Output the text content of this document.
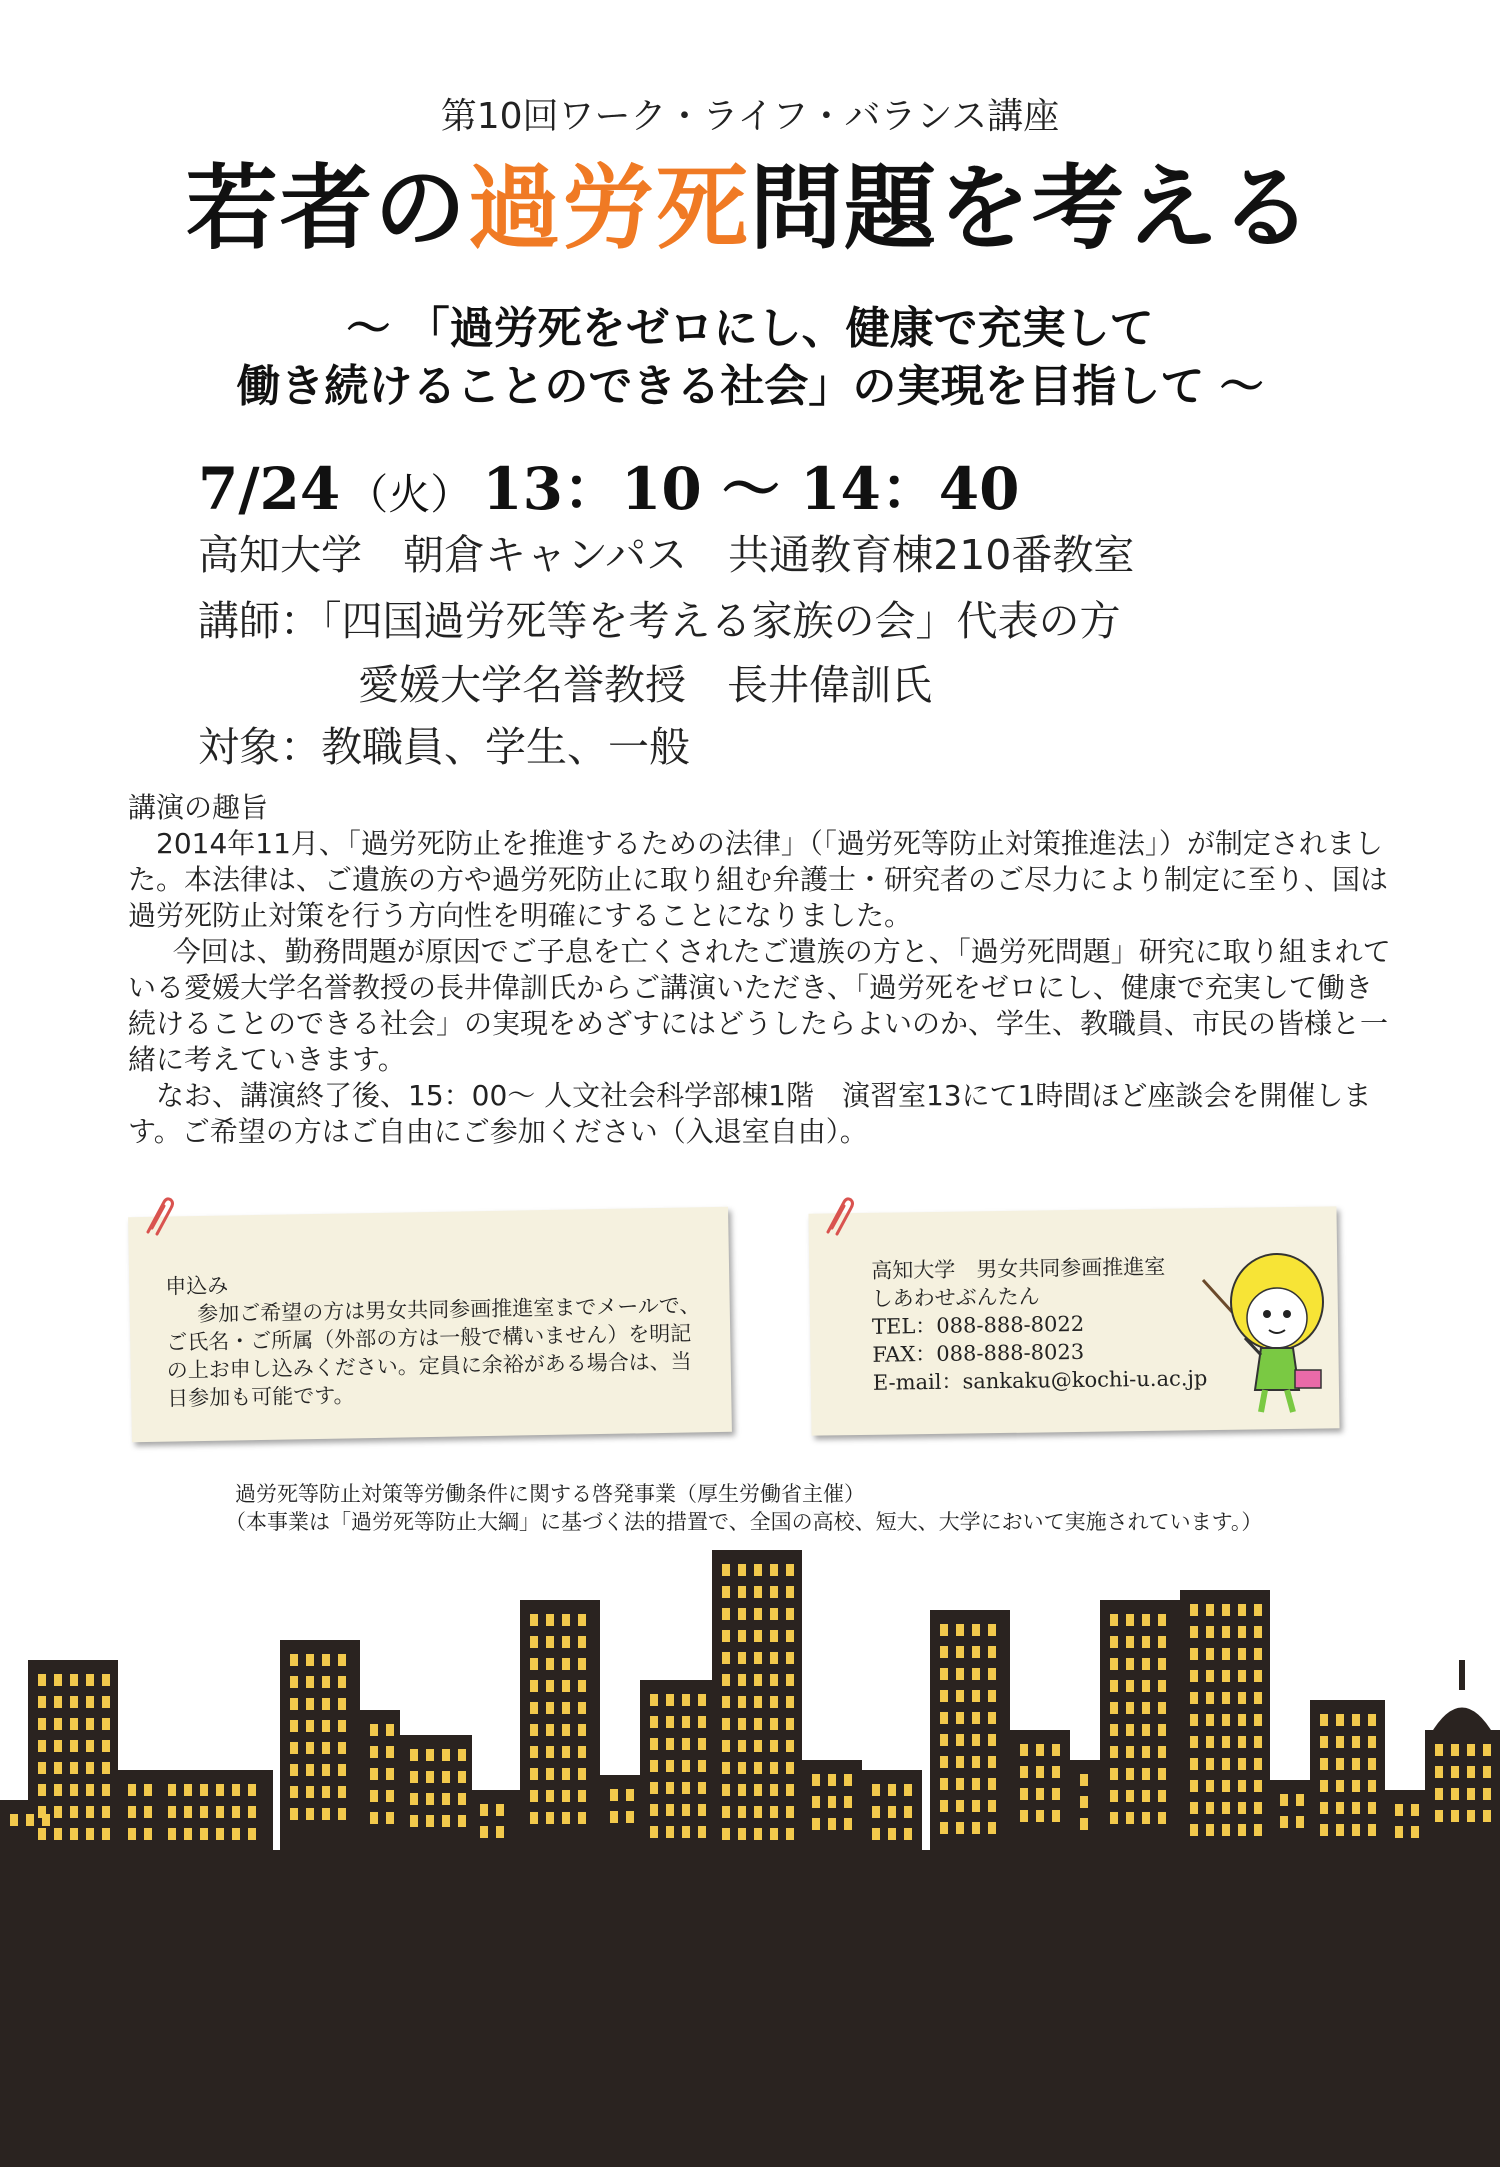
第10回ワーク・ライフ・バランス講座
若者の過労死問題を考える
～ 「過労死をゼロにし、健康で充実して
働き続けることのできる社会」の実現を目指して ～
7/24 （火） 13：10 ～ 14：40
高知大学　朝倉キャンパス　共通教育棟210番教室
講師：「四国過労死等を考える家族の会」代表の方
愛媛大学名誉教授　長井偉訓氏
対象：教職員、学生、一般

講演の趣旨

2014年11月、「過労死防止を推進するための法律」（「過労死等防止対策推進法」）が制定されました。本法律は、ご遺族の方や過労死防止に取り組む弁護士・研究者のご尽力により制定に至り、国は過労死防止対策を行う方向性を明確にすることになりました。

今回は、勤務問題が原因でご子息を亡くされたご遺族の方と、「過労死問題」研究に取り組まれている愛媛大学名誉教授の長井偉訓氏からご講演いただき、「過労死をゼロにし、健康で充実して働き続けることのできる社会」の実現をめざすにはどうしたらよいのか、学生、教職員、市民の皆様と一緒に考えていきます。

なお、講演終了後、15：00～ 人文社会科学部棟1階　演習室13にて1時間ほど座談会を開催します。ご希望の方はご自由にご参加ください（入退室自由）。

申込み
参加ご希望の方は男女共同参画推進室までメールで、ご氏名・ご所属（外部の方は一般で構いません）を明記の上お申し込みください。定員に余裕がある場合は、当日参加も可能です。
高知大学　男女共同参画推進室
しあわせぶんたん
TEL：088-888-8022
FAX：088-888-8023
E-mail：sankaku@kochi-u.ac.jp
過労死等防止対策等労働条件に関する啓発事業（厚生労働省主催）
（本事業は「過労死等防止大綱」に基づく法的措置で、全国の高校、短大、大学において実施されています。）
